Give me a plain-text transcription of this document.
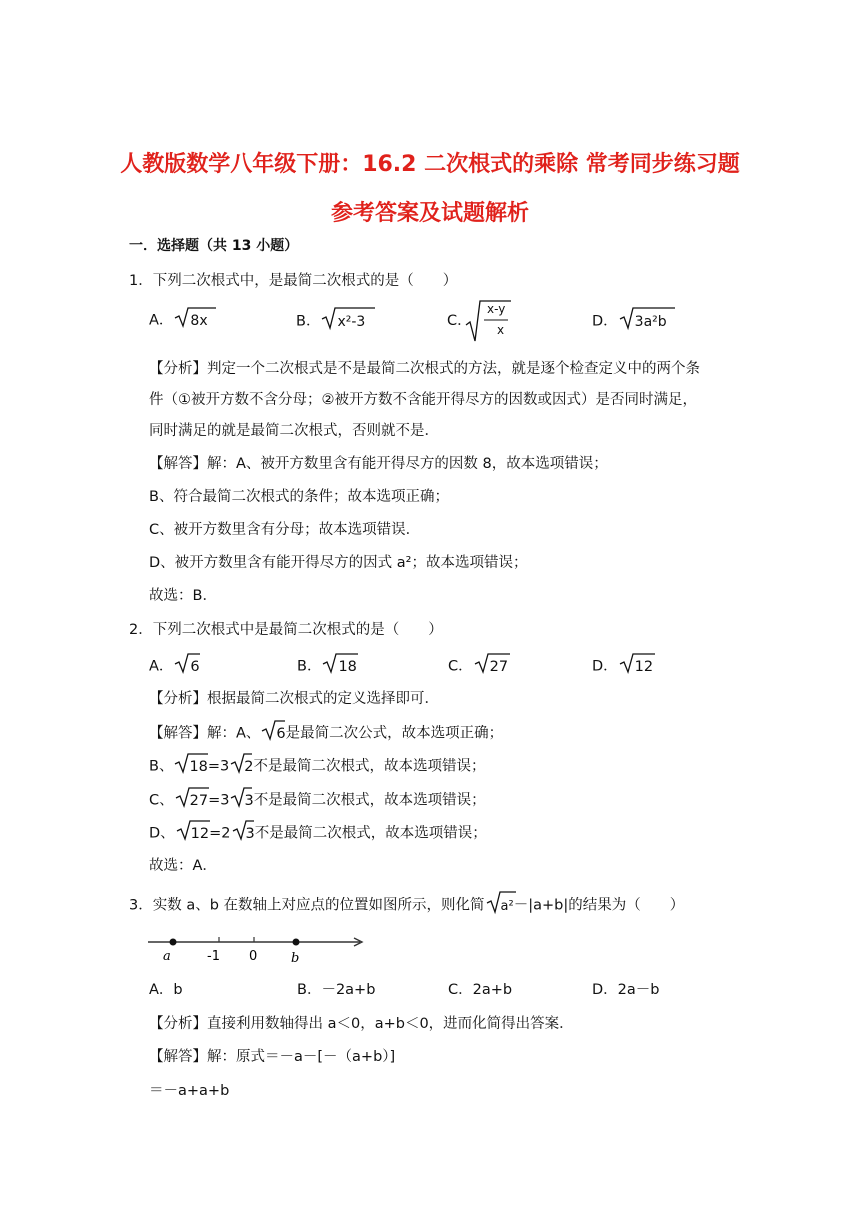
人教版数学八年级下册：16.2 二次根式的乘除 常考同步练习题
参考答案及试题解析
一．选择题（共 13 小题）
1．下列二次根式中，是最简二次根式的是（　　）
A． 8x	B． x²-3	C．
x-y
x
D． 3a²b
【分析】判定一个二次根式是不是最简二次根式的方法，就是逐个检查定义中的两个条
件（①被开方数不含分母；②被开方数不含能开得尽方的因数或因式）是否同时满足，
同时满足的就是最简二次根式，否则就不是．
【解答】解：A、被开方数里含有能开得尽方的因数 8，故本选项错误；
B、符合最简二次根式的条件；故本选项正确；
C、被开方数里含有分母；故本选项错误．
D、被开方数里含有能开得尽方的因式 a²；故本选项错误；
故选：B．
2．下列二次根式中是最简二次根式的是（　　）
A． 6	B． 18	C． 27	D． 12
【分析】根据最简二次根式的定义选择即可．
【解答】解：A、 6是最简二次公式，故本选项正确；
B、 18=3 2不是最简二次根式，故本选项错误；
C、 27=3 3不是最简二次根式，故本选项错误；
D、 12=2 3不是最简二次根式，故本选项错误；
故选：A．
3．实数 a、b 在数轴上对应点的位置如图所示，则化简 a²－|a+b|的结果为（　　）
a	-1 0	b
A．b	B．－2a+b	C．2a+b	D．2a－b
【分析】直接利用数轴得出 a＜0，a+b＜0，进而化简得出答案．
【解答】解：原式＝－a－[－（a+b）]
＝－a+a+b
